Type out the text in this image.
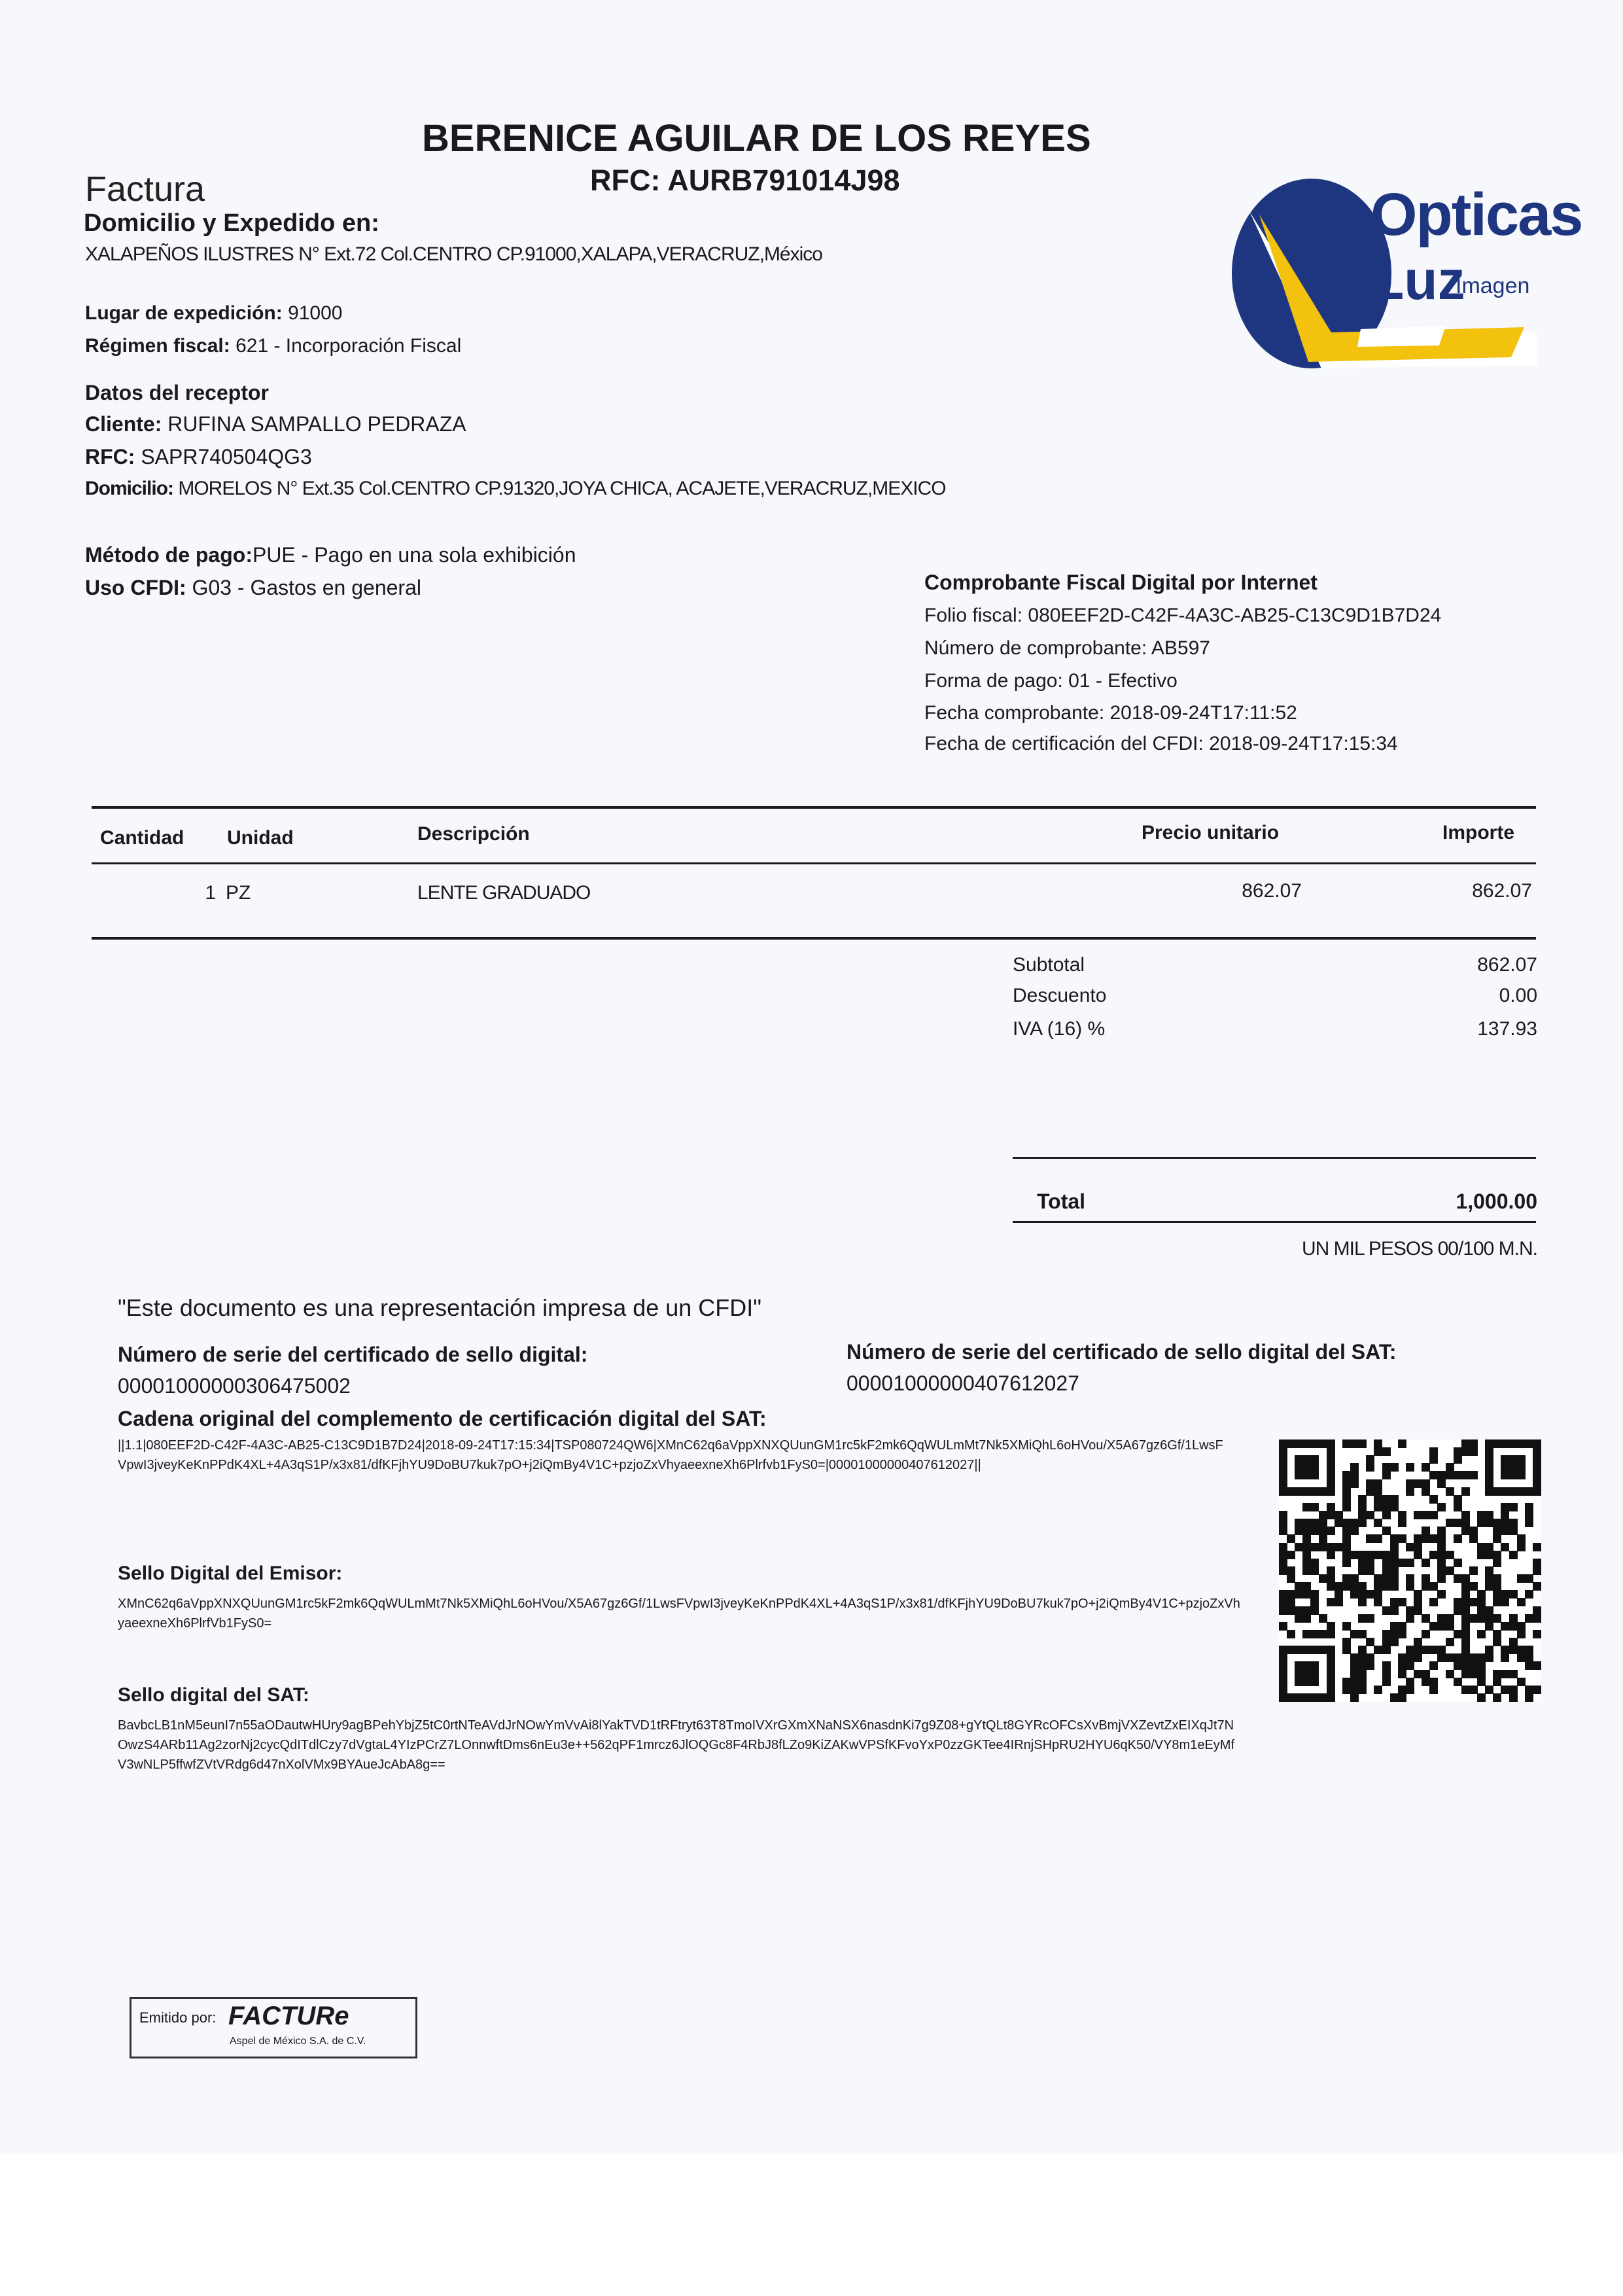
BERENICE AGUILAR DE LOS REYES
RFC: AURB791014J98
Factura
Domicilio y Expedido en:
XALAPEÑOS ILUSTRES N° Ext.72 Col.CENTRO CP.91000,XALAPA,VERACRUZ,México
Lugar de expedición: 91000
Régimen fiscal: 621 - Incorporación Fiscal
Opticas
Luz
Imagen
Datos del receptor
Cliente: RUFINA SAMPALLO PEDRAZA
RFC: SAPR740504QG3
Domicilio: MORELOS N° Ext.35 Col.CENTRO CP.91320,JOYA CHICA, ACAJETE,VERACRUZ,MEXICO
Método de pago:PUE - Pago en una sola exhibición
Uso CFDI: G03 - Gastos en general	Comprobante Fiscal Digital por Internet
Folio fiscal: 080EEF2D-C42F-4A3C-AB25-C13C9D1B7D24
Número de comprobante: AB597
Forma de pago: 01 - Efectivo
Fecha comprobante: 2018-09-24T17:11:52
Fecha de certificación del CFDI: 2018-09-24T17:15:34
Cantidad Unidad	Descripción	Precio unitario	Importe
1 PZ	LENTE GRADUADO	862.07	862.07
Subtotal	862.07
Descuento	0.00
IVA (16) %	137.93
Total	1,000.00
UN MIL PESOS 00/100 M.N.
"Este documento es una representación impresa de un CFDI"
Número de serie del certificado de sello digital:
00001000000306475002
Número de serie del certificado de sello digital del SAT:
00001000000407612027
Cadena original del complemento de certificación digital del SAT:
||1.1|080EEF2D-C42F-4A3C-AB25-C13C9D1B7D24|2018-09-24T17:15:34|TSP080724QW6|XMnC62q6aVppXNXQUunGM1rc5kF2mk6QqWULmMt7Nk5XMiQhL6oHVou/X5A67gz6Gf/1LwsFVpwI3jveyKeKnPPdK4XL+4A3qS1P/x3x81/dfKFjhYU9DoBU7kuk7pO+j2iQmBy4V1C+pzjoZxVhyaeexneXh6Plrfvb1FyS0=|00001000000407612027||
Sello Digital del Emisor:
XMnC62q6aVppXNXQUunGM1rc5kF2mk6QqWULmMt7Nk5XMiQhL6oHVou/X5A67gz6Gf/1LwsFVpwI3jveyKeKnPPdK4XL+4A3qS1P/x3x81/dfKFjhYU9DoBU7kuk7pO+j2iQmBy4V1C+pzjoZxVhyaeexneXh6PlrfVb1FyS0=
Sello digital del SAT:
BavbcLB1nM5eunI7n55aODautwHUry9agBPehYbjZ5tC0rtNTeAVdJrNOwYmVvAi8lYakTVD1tRFtryt63T8TmoIVXrGXmXNaNSX6nasdnKi7g9Z08+gYtQLt8GYRcOFCsXvBmjVXZevtZxEIXqJt7NOwzS4ARb11Ag2zorNj2cycQdITdlCzy7dVgtaL4YIzPCrZ7LOnnwftDms6nEu3e++562qPF1mrcz6JlOQGc8F4RbJ8fLZo9KiZAKwVPSfKFvoYxP0zzGKTee4IRnjSHpRU2HYU6qK50/VY8m1eEyMfV3wNLP5ffwfZVtVRdg6d47nXolVMx9BYAueJcAbA8g==
Emitido por: FACTURe
Aspel de México S.A. de C.V.
